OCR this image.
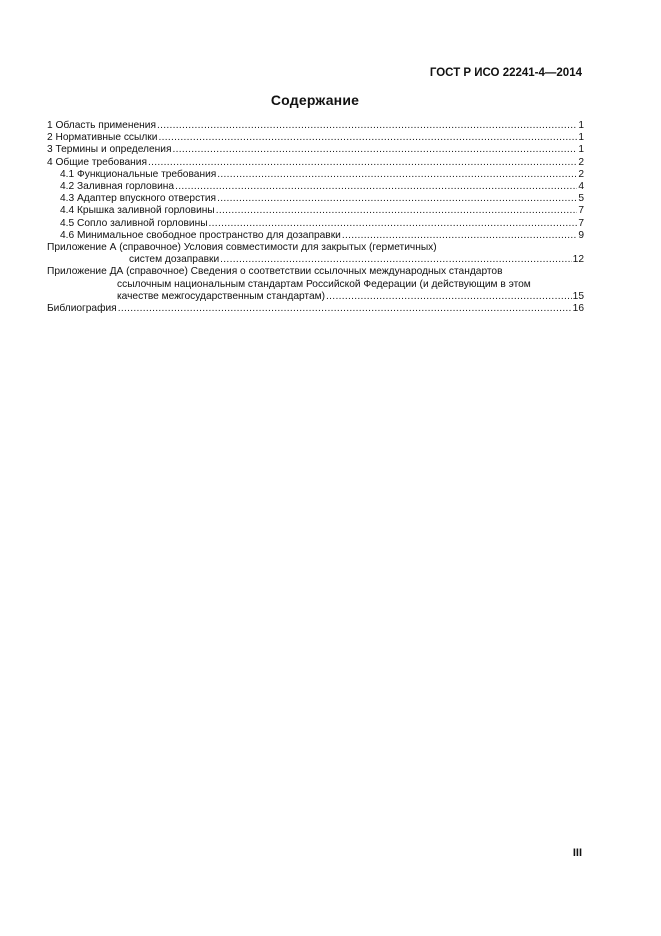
ГОСТ Р ИСО 22241-4—2014
Содержание
1 Область применения .....	1
2 Нормативные ссылки .....	1
3 Термины и определения .....	1
4 Общие требования .....	2
4.1 Функциональные требования .....	2
4.2 Заливная горловина .....	4
4.3 Адаптер впускного отверстия .....	5
4.4 Крышка заливной горловины .....	7
4.5 Сопло заливной горловины .....	7
4.6 Минимальное свободное пространство для дозаправки .....	9
Приложение А (справочное) Условия совместимости для закрытых (герметичных)
систем дозаправки .....	12
Приложение ДА (справочное) Сведения о соответствии ссылочных международных стандартов
ссылочным национальным стандартам Российской Федерации (и действующим в этом
качестве межгосударственным стандартам) .....	15
Библиография .....	16
III
